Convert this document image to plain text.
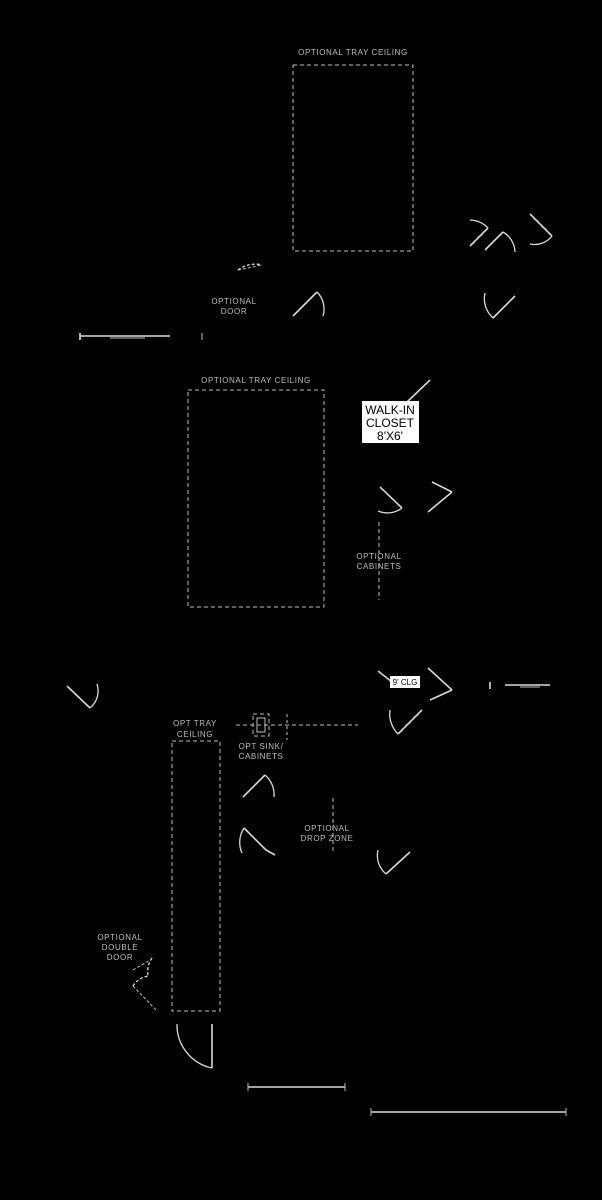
OPTIONAL TRAY CEILING
OPTIONAL
DOOR
OPTIONAL TRAY CEILING
WALK-IN
CLOSET
8'X6'
OPTIONAL
CABINETS
9' CLG
OPT TRAY
CEILING
OPT SINK/
CABINETS
OPTIONAL
DROP ZONE
OPTIONAL
DOUBLE
DOOR
